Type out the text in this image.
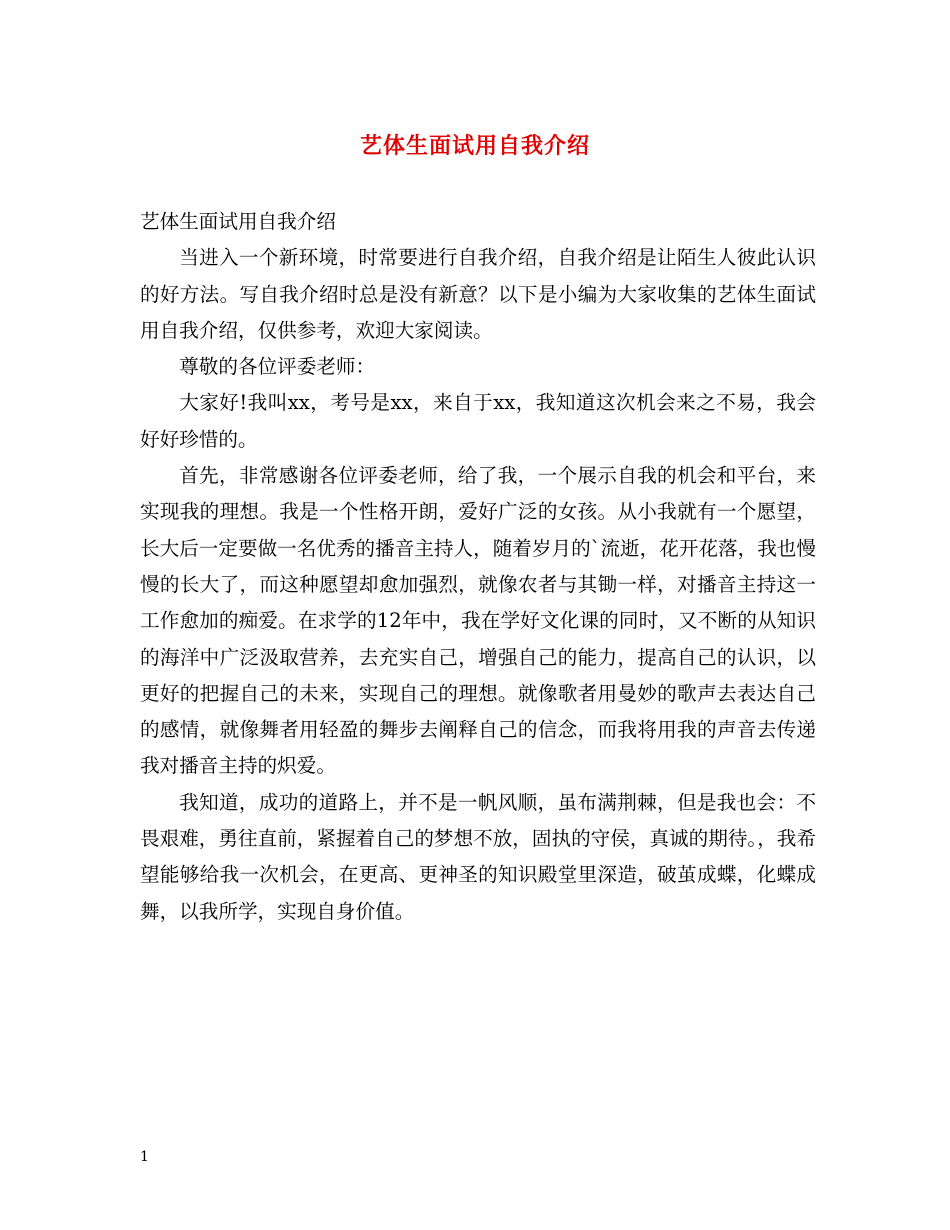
艺体生面试用自我介绍

艺体生面试用自我介绍

当进入一个新环境，时常要进行自我介绍，自我介绍是让陌生人彼此认识的好方法。写自我介绍时总是没有新意？以下是小编为大家收集的艺体生面试用自我介绍，仅供参考，欢迎大家阅读。

尊敬的各位评委老师：

大家好!我叫xx，考号是xx，来自于xx，我知道这次机会来之不易，我会好好珍惜的。

首先，非常感谢各位评委老师，给了我，一个展示自我的机会和平台，来实现我的理想。我是一个性格开朗，爱好广泛的女孩。从小我就有一个愿望，长大后一定要做一名优秀的播音主持人，随着岁月的`流逝，花开花落，我也慢慢的长大了，而这种愿望却愈加强烈，就像农者与其锄一样，对播音主持这一工作愈加的痴爱。在求学的12年中，我在学好文化课的同时，又不断的从知识的海洋中广泛汲取营养，去充实自己，增强自己的能力，提高自己的认识，以更好的把握自己的未来，实现自己的理想。就像歌者用曼妙的歌声去表达自己的感情，就像舞者用轻盈的舞步去阐释自己的信念，而我将用我的声音去传递我对播音主持的炽爱。

我知道，成功的道路上，并不是一帆风顺，虽布满荆棘，但是我也会：不畏艰难，勇往直前，紧握着自己的梦想不放，固执的守侯，真诚的期待。，我希望能够给我一次机会，在更高、更神圣的知识殿堂里深造，破茧成蝶，化蝶成舞，以我所学，实现自身价值。

1
